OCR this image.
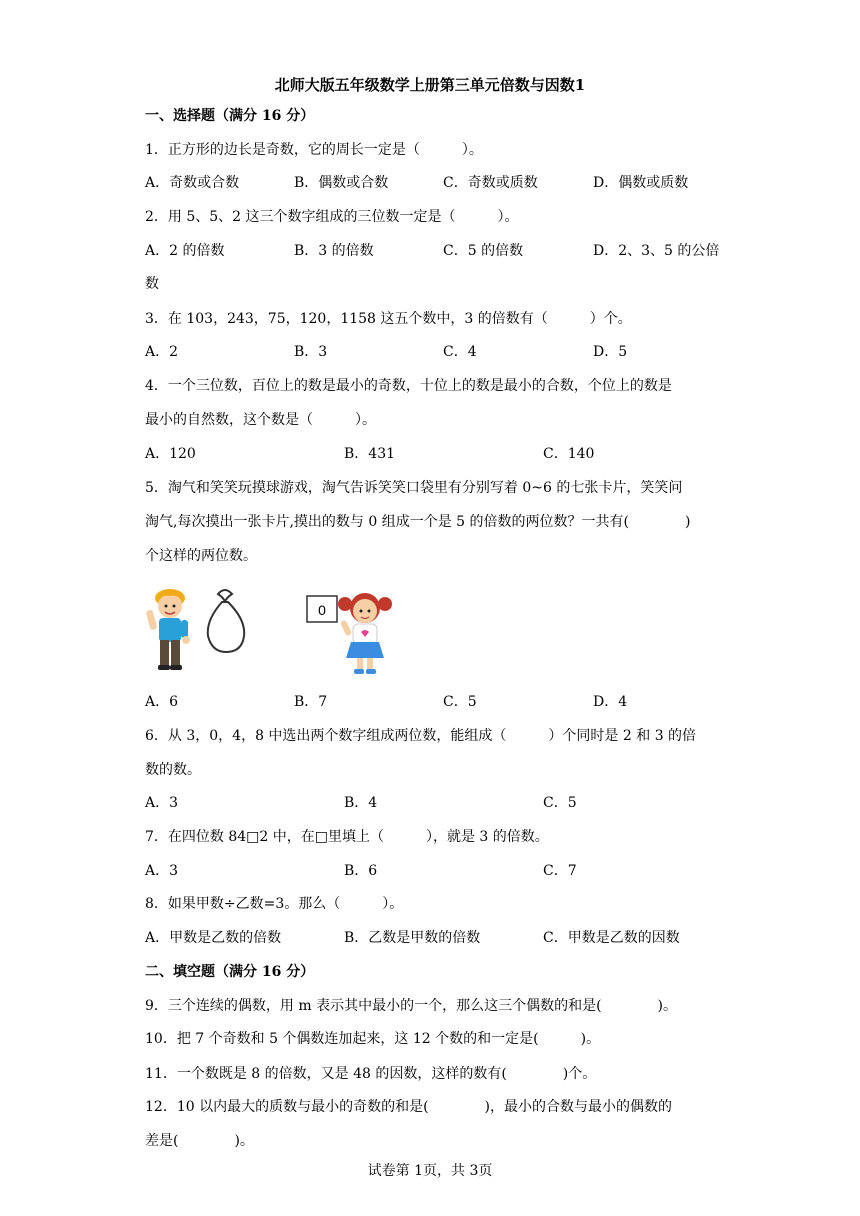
北师大版五年级数学上册第三单元倍数与因数1
一、选择题（满分 16 分）
1．正方形的边长是奇数，它的周长一定是（　　　）。
A．奇数或合数	B．偶数或合数	C．奇数或质数	D．偶数或质数
2．用 5、5、2 这三个数字组成的三位数一定是（　　　）。
A．2 的倍数	B．3 的倍数	C．5 的倍数	D．2、3、5 的公倍
数
3．在 103，243，75，120，1158 这五个数中，3 的倍数有（　　　）个。
A．2	B．3	C．4	D．5
4．一个三位数，百位上的数是最小的奇数，十位上的数是最小的合数，个位上的数是
最小的自然数，这个数是（　　　）。
A．120	B．431	C．140
5．淘气和笑笑玩摸球游戏，淘气告诉笑笑口袋里有分别写着 0~6 的七张卡片，笑笑问
淘气,每次摸出一张卡片,摸出的数与 0 组成一个是 5 的倍数的两位数？一共有(　　　　)
个这样的两位数。
0
A．6	B．7	C．5	D．4
6．从 3，0，4，8 中选出两个数字组成两位数，能组成（　　　）个同时是 2 和 3 的倍
数的数。
A．3	B．4	C．5
7．在四位数 84□2 中，在□里填上（　　　），就是 3 的倍数。
A．3	B．6	C．7
8．如果甲数÷乙数=3。那么（　　　）。
A．甲数是乙数的倍数	B．乙数是甲数的倍数	C．甲数是乙数的因数
二、填空题（满分 16 分）
9．三个连续的偶数，用 m 表示其中最小的一个，那么这三个偶数的和是(　　　　)。
10．把 7 个奇数和 5 个偶数连加起来，这 12 个数的和一定是(　　　)。
11．一个数既是 8 的倍数，又是 48 的因数，这样的数有(　　　　)个。
12．10 以内最大的质数与最小的奇数的和是(　　　　)，最小的合数与最小的偶数的
差是(　　　　)。
试卷第 1页，共 3页
